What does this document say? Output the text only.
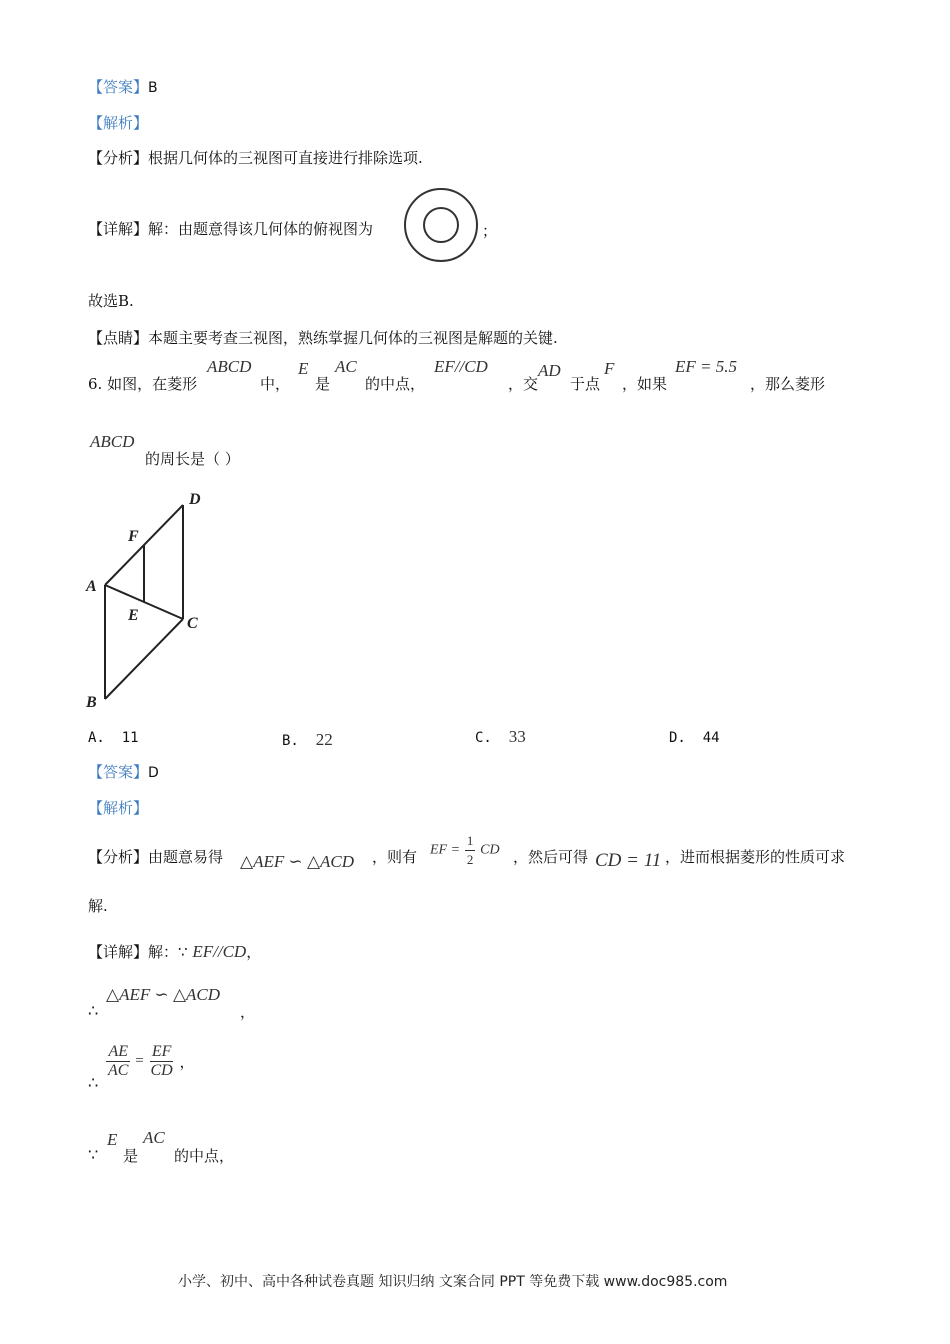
【答案】B
【解析】
【分析】根据几何体的三视图可直接进行排除选项.
【详解】解：由题意得该几何体的俯视图为	；
故选B.
【点睛】本题主要考查三视图，熟练掌握几何体的三视图是解题的关键.
6. 如图，在菱形
ABCD
中，
E
是
AC
的中点，
EF//CD
，交
AD
于点
F
，如果
EF = 5.5
，那么菱形
ABCD
的周长是（ ）
A
B
C
D
E
F
A. 11	B. 22	C. 33	D. 44
【答案】D
【解析】
【分析】由题意易得 △AEF ∽ △ACD ，则有 EF = $\frac{1}{2}$ CD ，然后可得 CD = 11 ，进而根据菱形的性质可求
解.
【详解】解：∵ EF//CD，
∴
△AEF ∽ △ACD
，
∴
$\frac{AE}{AC} = \frac{EF}{CD}$ ，
∵
E
是
AC
的中点，
小学、初中、高中各种试卷真题 知识归纳 文案合同 PPT 等免费下载 www.doc985.com
